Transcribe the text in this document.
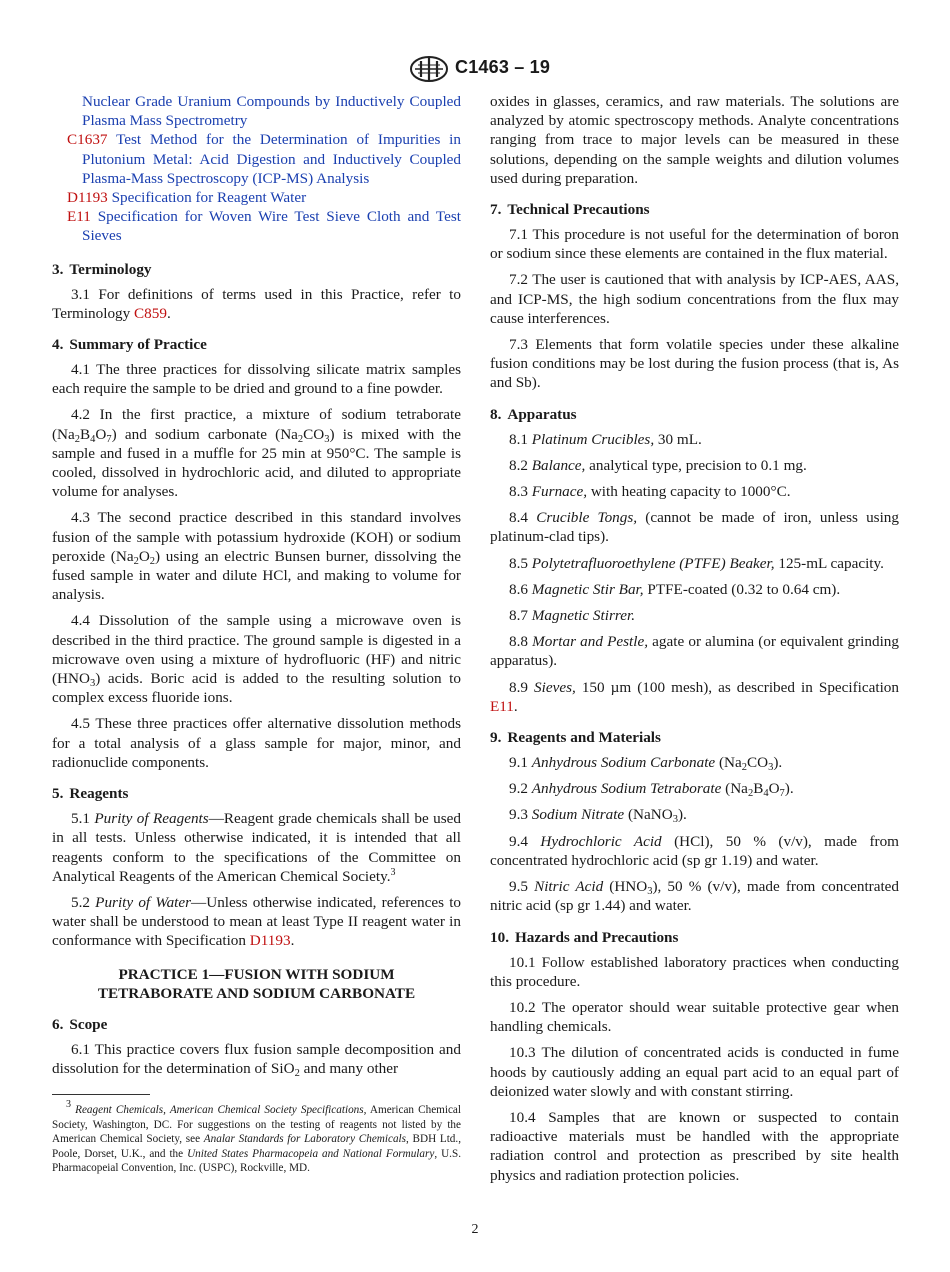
C1463 – 19
Nuclear Grade Uranium Compounds by Inductively Coupled Plasma Mass Spectrometry
C1637 Test Method for the Determination of Impurities in Plutonium Metal: Acid Digestion and Inductively Coupled Plasma-Mass Spectroscopy (ICP-MS) Analysis
D1193 Specification for Reagent Water
E11 Specification for Woven Wire Test Sieve Cloth and Test Sieves
3. Terminology

3.1 For definitions of terms used in this Practice, refer to Terminology C859.

4. Summary of Practice

4.1 The three practices for dissolving silicate matrix samples each require the sample to be dried and ground to a fine powder.

4.2 In the first practice, a mixture of sodium tetraborate $(Na_2B_4O_7)$ and sodium carbonate $(Na_2CO_3)$ is mixed with the sample and fused in a muffle for 25 min at 950°C. The sample is cooled, dissolved in hydrochloric acid, and diluted to appropriate volume for analyses.

4.3 The second practice described in this standard involves fusion of the sample with potassium hydroxide (KOH) or sodium peroxide $(Na_2O_2)$ using an electric Bunsen burner, dissolving the fused sample in water and dilute HCl, and making to volume for analysis.

4.4 Dissolution of the sample using a microwave oven is described in the third practice. The ground sample is digested in a microwave oven using a mixture of hydrofluoric (HF) and nitric $(HNO_3)$ acids. Boric acid is added to the resulting solution to complex excess fluoride ions.

4.5 These three practices offer alternative dissolution methods for a total analysis of a glass sample for major, minor, and radionuclide components.

5. Reagents

5.1 Purity of Reagents—Reagent grade chemicals shall be used in all tests. Unless otherwise indicated, it is intended that all reagents conform to the specifications of the Committee on Analytical Reagents of the American Chemical Society.$^3$

5.2 Purity of Water—Unless otherwise indicated, references to water shall be understood to mean at least Type II reagent water in conformance with Specification D1193.

PRACTICE 1—FUSION WITH SODIUM
TETRABORATE AND SODIUM CARBONATE
6. Scope

6.1 This practice covers flux fusion sample decomposition and dissolution for the determination of SiO$_2$ and many other

$^3$ Reagent Chemicals, American Chemical Society Specifications, American Chemical Society, Washington, DC. For suggestions on the testing of reagents not listed by the American Chemical Society, see Analar Standards for Laboratory Chemicals, BDH Ltd., Poole, Dorset, U.K., and the United States Pharmacopeia and National Formulary, U.S. Pharmacopeial Convention, Inc. (USPC), Rockville, MD.

oxides in glasses, ceramics, and raw materials. The solutions are analyzed by atomic spectroscopy methods. Analyte concentrations ranging from trace to major levels can be measured in these solutions, depending on the sample weights and dilution volumes used during preparation.

7. Technical Precautions

7.1 This procedure is not useful for the determination of boron or sodium since these elements are contained in the flux material.

7.2 The user is cautioned that with analysis by ICP-AES, AAS, and ICP-MS, the high sodium concentrations from the flux may cause interferences.

7.3 Elements that form volatile species under these alkaline fusion conditions may be lost during the fusion process (that is, As and Sb).

8. Apparatus

8.1 Platinum Crucibles, 30 mL.

8.2 Balance, analytical type, precision to 0.1 mg.

8.3 Furnace, with heating capacity to 1000°C.

8.4 Crucible Tongs, (cannot be made of iron, unless using platinum-clad tips).

8.5 Polytetrafluoroethylene (PTFE) Beaker, 125-mL capacity.

8.6 Magnetic Stir Bar, PTFE-coated (0.32 to 0.64 cm).

8.7 Magnetic Stirrer.

8.8 Mortar and Pestle, agate or alumina (or equivalent grinding apparatus).

8.9 Sieves, 150 µm (100 mesh), as described in Specification E11.

9. Reagents and Materials

9.1 Anhydrous Sodium Carbonate $(Na_2CO_3)$.

9.2 Anhydrous Sodium Tetraborate $(Na_2B_4O_7)$.

9.3 Sodium Nitrate (NaNO$_3$).

9.4 Hydrochloric Acid (HCl), 50 % (v/v), made from concentrated hydrochloric acid (sp gr 1.19) and water.

9.5 Nitric Acid $(HNO_3)$, 50 % (v/v), made from concentrated nitric acid (sp gr 1.44) and water.

10. Hazards and Precautions

10.1 Follow established laboratory practices when conducting this procedure.

10.2 The operator should wear suitable protective gear when handling chemicals.

10.3 The dilution of concentrated acids is conducted in fume hoods by cautiously adding an equal part acid to an equal part of deionized water slowly and with constant stirring.

10.4 Samples that are known or suspected to contain radioactive materials must be handled with the appropriate radiation control and protection as prescribed by site health physics and radiation protection policies.

2
